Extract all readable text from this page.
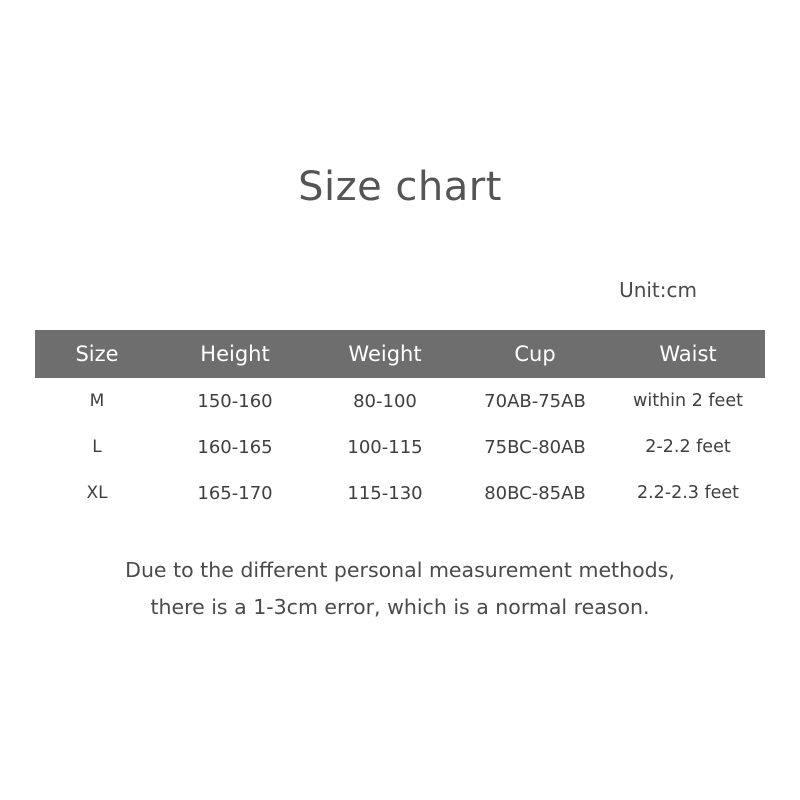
Size chart
Unit:cm
Size	Height	Weight	Cup	Waist
M	150-160	80-100	70AB-75AB	within 2 feet
L	160-165	100-115	75BC-80AB	2-2.2 feet
XL	165-170	115-130	80BC-85AB	2.2-2.3 feet
Due to the different personal measurement methods,
there is a 1-3cm error, which is a normal reason.
